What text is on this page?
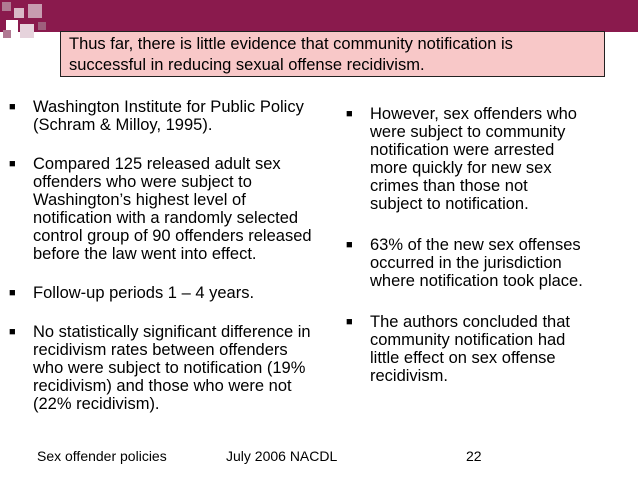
Thus far, there is little evidence that community notification is
successful in reducing sexual offense recidivism.
■ Washington Institute for Public Policy
(Schram & Milloy, 1995).
■ Compared 125 released adult sex
offenders who were subject to
Washington’s highest level of
notification with a randomly selected
control group of 90 offenders released
before the law went into effect.
■ Follow-up periods 1 – 4 years.
■ No statistically significant difference in
recidivism rates between offenders
who were subject to notification (19%
recidivism) and those who were not
(22% recidivism).
■ However, sex offenders who
were subject to community
notification were arrested
more quickly for new sex
crimes than those not
subject to notification.
■ 63% of the new sex offenses
occurred in the jurisdiction
where notification took place.
■ The authors concluded that
community notification had
little effect on sex offense
recidivism.
Sex offender policies	July 2006 NACDL	22
